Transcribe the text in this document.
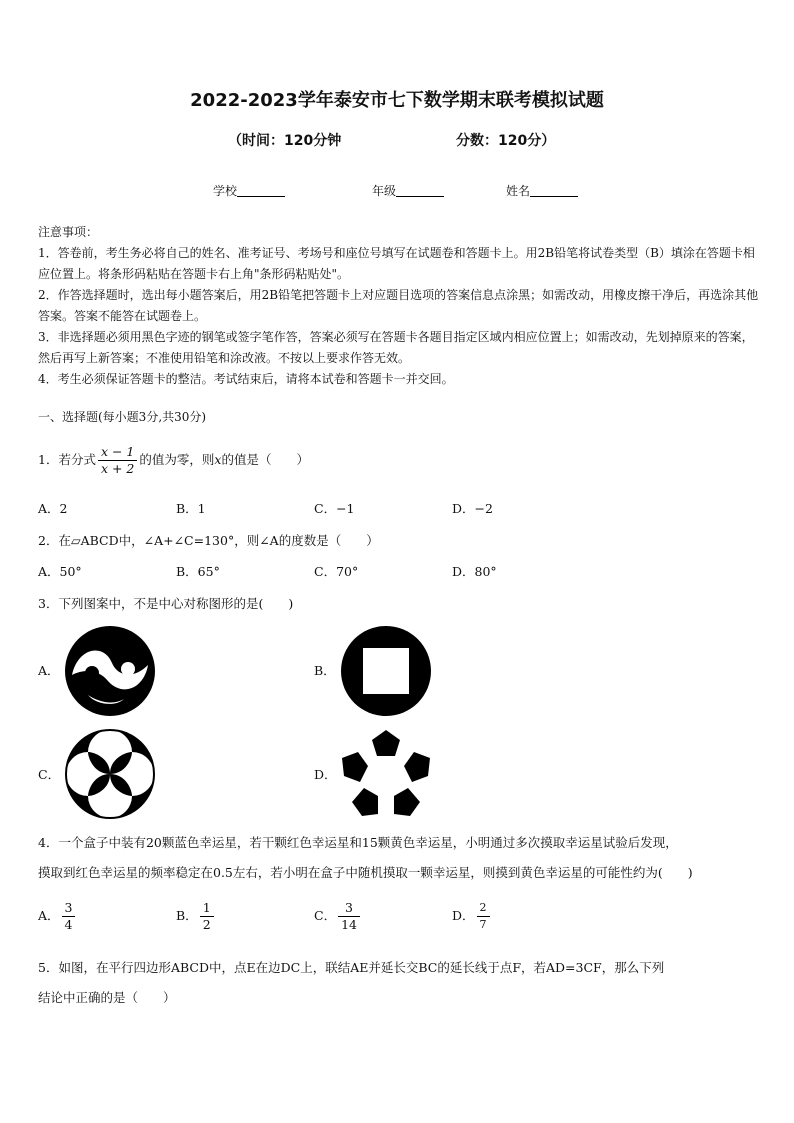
2022-2023学年泰安市七下数学期末联考模拟试题
（时间：120分钟	分数：120分）
学校	年级	姓名

注意事项：

1．答卷前，考生务必将自己的姓名、准考证号、考场号和座位号填写在试题卷和答题卡上。用2B铅笔将试卷类型（B）填涂在答题卡相应位置上。将条形码粘贴在答题卡右上角"条形码粘贴处"。

2．作答选择题时，选出每小题答案后，用2B铅笔把答题卡上对应题目选项的答案信息点涂黑；如需改动，用橡皮擦干净后，再选涂其他答案。答案不能答在试题卷上。

3．非选择题必须用黑色字迹的钢笔或签字笔作答，答案必须写在答题卡各题目指定区域内相应位置上；如需改动，先划掉原来的答案，然后再写上新答案；不准使用铅笔和涂改液。不按以上要求作答无效。

4．考生必须保证答题卡的整洁。考试结束后，请将本试卷和答题卡一并交回。

一、选择题(每小题3分,共30分)
1．若分式 $\frac{x - 1}{x + 2}$ 的值为零，则x的值是（　　）
A．2	B．1	C．−1	D．−2
2．在▱ABCD中，∠A+∠C=130°，则∠A的度数是（　　）
A．50°	B．65°	C．70°	D．80°
3．下列图案中，不是中心对称图形的是(　　)
A．	B．
C．	D．
4．一个盒子中装有20颗蓝色幸运星，若干颗红色幸运星和15颗黄色幸运星，小明通过多次摸取幸运星试验后发现，
摸取到红色幸运星的频率稳定在0.5左右，若小明在盒子中随机摸取一颗幸运星，则摸到黄色幸运星的可能性约为(　　)
A． $\frac{3}{4}$	B． $\frac{1}{2}$	C． $\frac{3}{14}$	D． $\frac{2}{7}$
5．如图，在平行四边形ABCD中，点E在边DC上，联结AE并延长交BC的延长线于点F，若AD=3CF，那么下列
结论中正确的是（　　）
